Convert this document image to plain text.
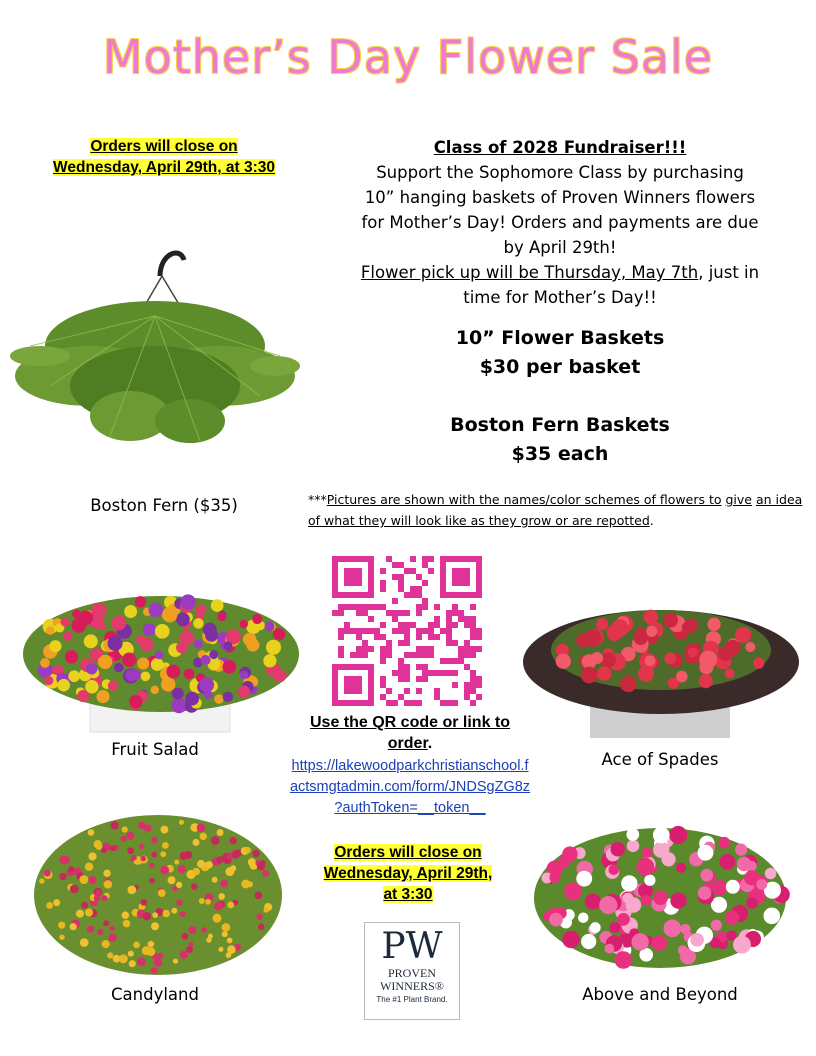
Mother’s Day Flower Sale
Orders will close on
Wednesday, April 29th, at 3:30
Class of 2028 Fundraiser!!!
Support the Sophomore Class by purchasing
10” hanging baskets of Proven Winners flowers
for Mother’s Day! Orders and payments are due
by April 29th!
Flower pick up will be Thursday, May 7th, just in
time for Mother’s Day!!
10” Flower Baskets
$30 per basket
Boston Fern Baskets
$35 each
Boston Fern ($35)	***Pictures are shown with the names/color schemes of flowers to give an idea of what they will look like as they grow or are repotted.
Use the QR code or link to
order.
https://lakewoodparkchristianschool.f
actsmgtadmin.com/form/JNDSgZG8z
?authToken=__token__
Orders will close on
Wednesday, April 29th,
at 3:30
PW
PROVEN
WINNERS®
The #1 Plant Brand.
Fruit Salad
Ace of Spades
Candyland	Above and Beyond
